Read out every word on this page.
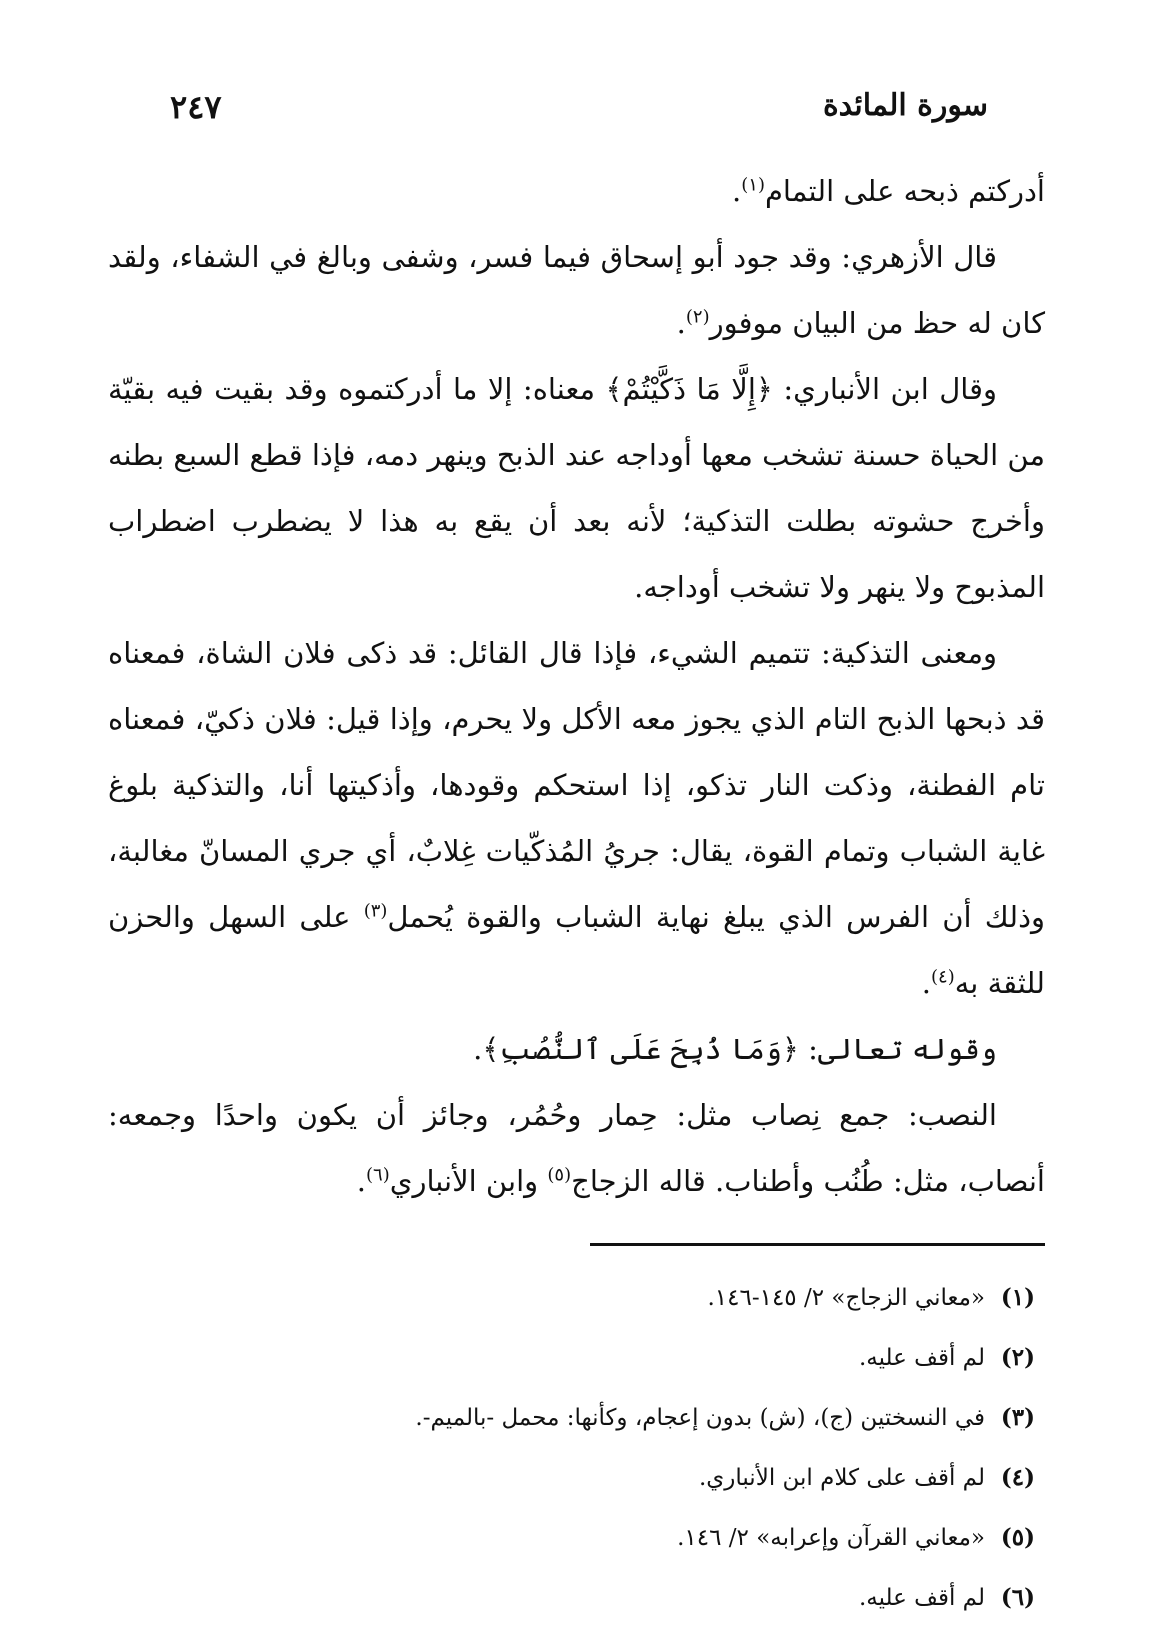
سورة المائدة
٢٤٧

أدركتم ذبحه على التمام$^{(١)}$.

قال الأزهري: وقد جود أبو إسحاق فيما فسر، وشفى وبالغ في الشفاء، ولقد كان له حظ من البيان موفور$^{(٢)}$.

وقال ابن الأنباري: ﴿إِلَّا مَا ذَكَّيْتُمْ﴾ معناه: إلا ما أدركتموه وقد بقيت فيه بقيّة من الحياة حسنة تشخب معها أوداجه عند الذبح وينهر دمه، فإذا قطع السبع بطنه وأخرج حشوته بطلت التذكية؛ لأنه بعد أن يقع به هذا لا يضطرب اضطراب المذبوح ولا ينهر ولا تشخب أوداجه.

ومعنى التذكية: تتميم الشيء، فإذا قال القائل: قد ذكى فلان الشاة، فمعناه قد ذبحها الذبح التام الذي يجوز معه الأكل ولا يحرم، وإذا قيل: فلان ذكيّ، فمعناه تام الفطنة، وذكت النار تذكو، إذا استحكم وقودها، وأذكيتها أنا، والتذكية بلوغ غاية الشباب وتمام القوة، يقال: جريُ المُذكّيات غِلابٌ، أي جري المسانّ مغالبة، وذلك أن الفرس الذي يبلغ نهاية الشباب والقوة يُحمل$^{(٣)}$ على السهل والحزن للثقة به$^{(٤)}$.

وقوله تعالى: ﴿وَمَا ذُبِحَ عَلَى ٱلنُّصُبِ﴾.

النصب: جمع نِصاب مثل: حِمار وحُمُر، وجائز أن يكون واحدًا وجمعه: أنصاب، مثل: طُنُب وأطناب. قاله الزجاج$^{(٥)}$ وابن الأنباري$^{(٦)}$.

(١)«معاني الزجاج» ٢/ ١٤٥-١٤٦.
(٢)لم أقف عليه.
(٣)في النسختين (ج)، (ش) بدون إعجام، وكأنها: محمل -بالميم-.
(٤)لم أقف على كلام ابن الأنباري.
(٥)«معاني القرآن وإعرابه» ٢/ ١٤٦.
(٦)لم أقف عليه.
